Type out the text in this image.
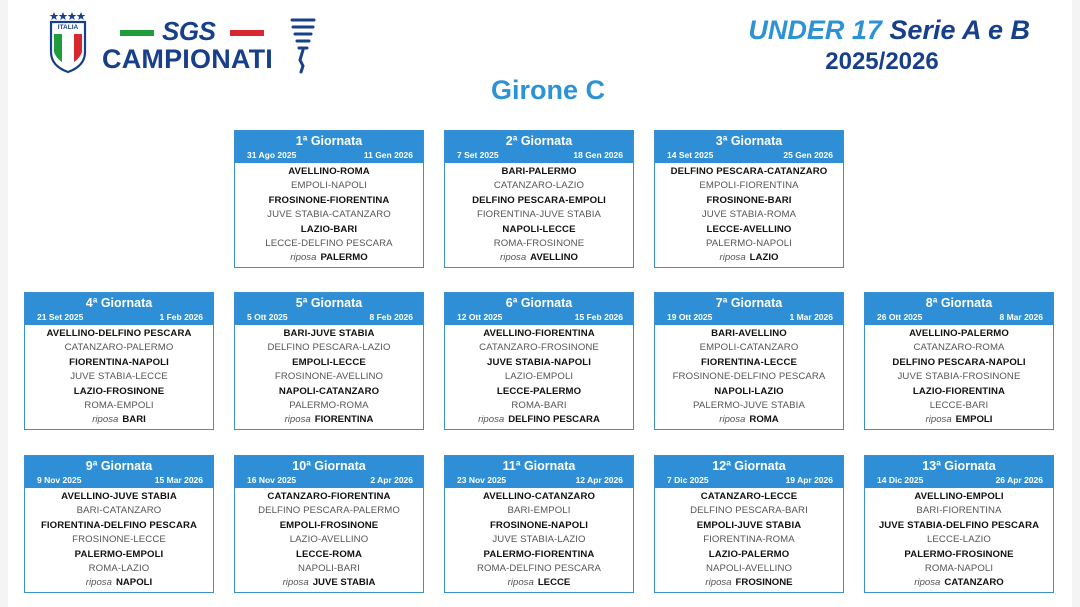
ITALIA	SGS
CAMPIONATI
UNDER 17 Serie A e B
2025/2026
Girone C
1ª Giornata
31 Ago 2025	11 Gen 2026
AVELLINO-ROMA
EMPOLI-NAPOLI
FROSINONE-FIORENTINA
JUVE STABIA-CATANZARO
LAZIO-BARI
LECCE-DELFINO PESCARA
riposa PALERMO
2ª Giornata
7 Set 2025	18 Gen 2026
BARI-PALERMO
CATANZARO-LAZIO
DELFINO PESCARA-EMPOLI
FIORENTINA-JUVE STABIA
NAPOLI-LECCE
ROMA-FROSINONE
riposa AVELLINO
3ª Giornata
14 Set 2025	25 Gen 2026
DELFINO PESCARA-CATANZARO
EMPOLI-FIORENTINA
FROSINONE-BARI
JUVE STABIA-ROMA
LECCE-AVELLINO
PALERMO-NAPOLI
riposa LAZIO
4ª Giornata
21 Set 2025	1 Feb 2026
AVELLINO-DELFINO PESCARA
CATANZARO-PALERMO
FIORENTINA-NAPOLI
JUVE STABIA-LECCE
LAZIO-FROSINONE
ROMA-EMPOLI
riposa BARI
5ª Giornata
5 Ott 2025	8 Feb 2026
BARI-JUVE STABIA
DELFINO PESCARA-LAZIO
EMPOLI-LECCE
FROSINONE-AVELLINO
NAPOLI-CATANZARO
PALERMO-ROMA
riposa FIORENTINA
6ª Giornata
12 Ott 2025	15 Feb 2026
AVELLINO-FIORENTINA
CATANZARO-FROSINONE
JUVE STABIA-NAPOLI
LAZIO-EMPOLI
LECCE-PALERMO
ROMA-BARI
riposa DELFINO PESCARA
7ª Giornata
19 Ott 2025	1 Mar 2026
BARI-AVELLINO
EMPOLI-CATANZARO
FIORENTINA-LECCE
FROSINONE-DELFINO PESCARA
NAPOLI-LAZIO
PALERMO-JUVE STABIA
riposa ROMA
8ª Giornata
26 Ott 2025	8 Mar 2026
AVELLINO-PALERMO
CATANZARO-ROMA
DELFINO PESCARA-NAPOLI
JUVE STABIA-FROSINONE
LAZIO-FIORENTINA
LECCE-BARI
riposa EMPOLI
9ª Giornata
9 Nov 2025	15 Mar 2026
AVELLINO-JUVE STABIA
BARI-CATANZARO
FIORENTINA-DELFINO PESCARA
FROSINONE-LECCE
PALERMO-EMPOLI
ROMA-LAZIO
riposa NAPOLI
10ª Giornata
16 Nov 2025	2 Apr 2026
CATANZARO-FIORENTINA
DELFINO PESCARA-PALERMO
EMPOLI-FROSINONE
LAZIO-AVELLINO
LECCE-ROMA
NAPOLI-BARI
riposa JUVE STABIA
11ª Giornata
23 Nov 2025	12 Apr 2026
AVELLINO-CATANZARO
BARI-EMPOLI
FROSINONE-NAPOLI
JUVE STABIA-LAZIO
PALERMO-FIORENTINA
ROMA-DELFINO PESCARA
riposa LECCE
12ª Giornata
7 Dic 2025	19 Apr 2026
CATANZARO-LECCE
DELFINO PESCARA-BARI
EMPOLI-JUVE STABIA
FIORENTINA-ROMA
LAZIO-PALERMO
NAPOLI-AVELLINO
riposa FROSINONE
13ª Giornata
14 Dic 2025	26 Apr 2026
AVELLINO-EMPOLI
BARI-FIORENTINA
JUVE STABIA-DELFINO PESCARA
LECCE-LAZIO
PALERMO-FROSINONE
ROMA-NAPOLI
riposa CATANZARO
